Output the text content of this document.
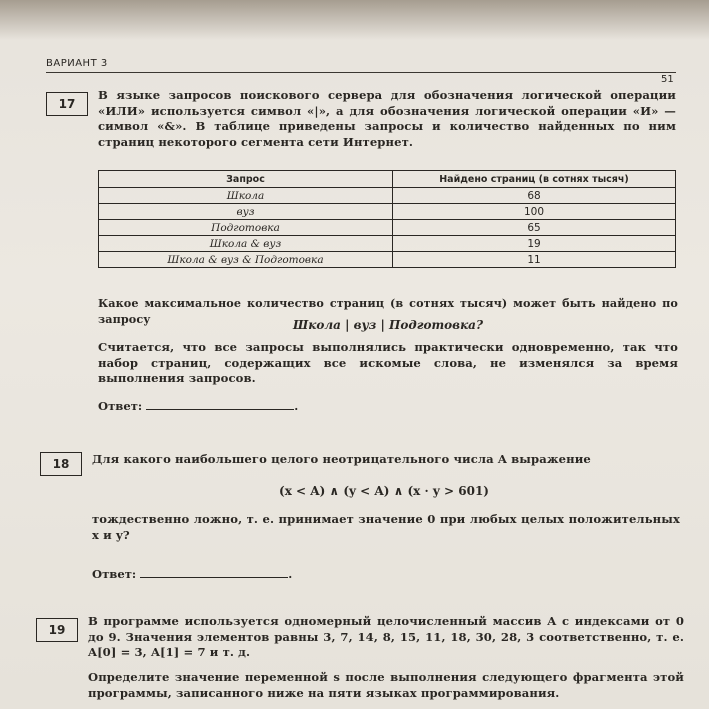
ВАРИАНТ 3
51
17
В языке запросов поискового сервера для обозначения логической операции «ИЛИ» используется символ «|», а для обозначения логической операции «И» — символ «&». В таблице приведены запросы и количество найденных по ним страниц некоторого сегмента сети Интернет.
Запрос	Найдено страниц (в сотнях тысяч)
Школа	68
вуз	100
Подготовка	65
Школа & вуз	19
Школа & вуз & Подготовка	11
Какое максимальное количество страниц (в сотнях тысяч) может быть найдено по запросу	Школа | вуз | Подготовка?
Считается, что все запросы выполнялись практически одновременно, так что набор страниц, содержащих все искомые слова, не изменялся за время выполнения запросов.
Ответ:	.
18	Для какого наибольшего целого неотрицательного числа A выражение
(x < A) ∧ (y < A) ∧ (x · y > 601)
тождественно ложно, т. е. принимает значение 0 при любых целых положительных x и y?
Ответ:	.
19
В программе используется одномерный целочисленный массив A с индексами от 0 до 9. Значения элементов равны 3, 7, 14, 8, 15, 11, 18, 30, 28, 3 соответственно, т. е. A[0] = 3, A[1] = 7 и т. д.
Определите значение переменной s после выполнения следующего фрагмента этой программы, записанного ниже на пяти языках программирования.
